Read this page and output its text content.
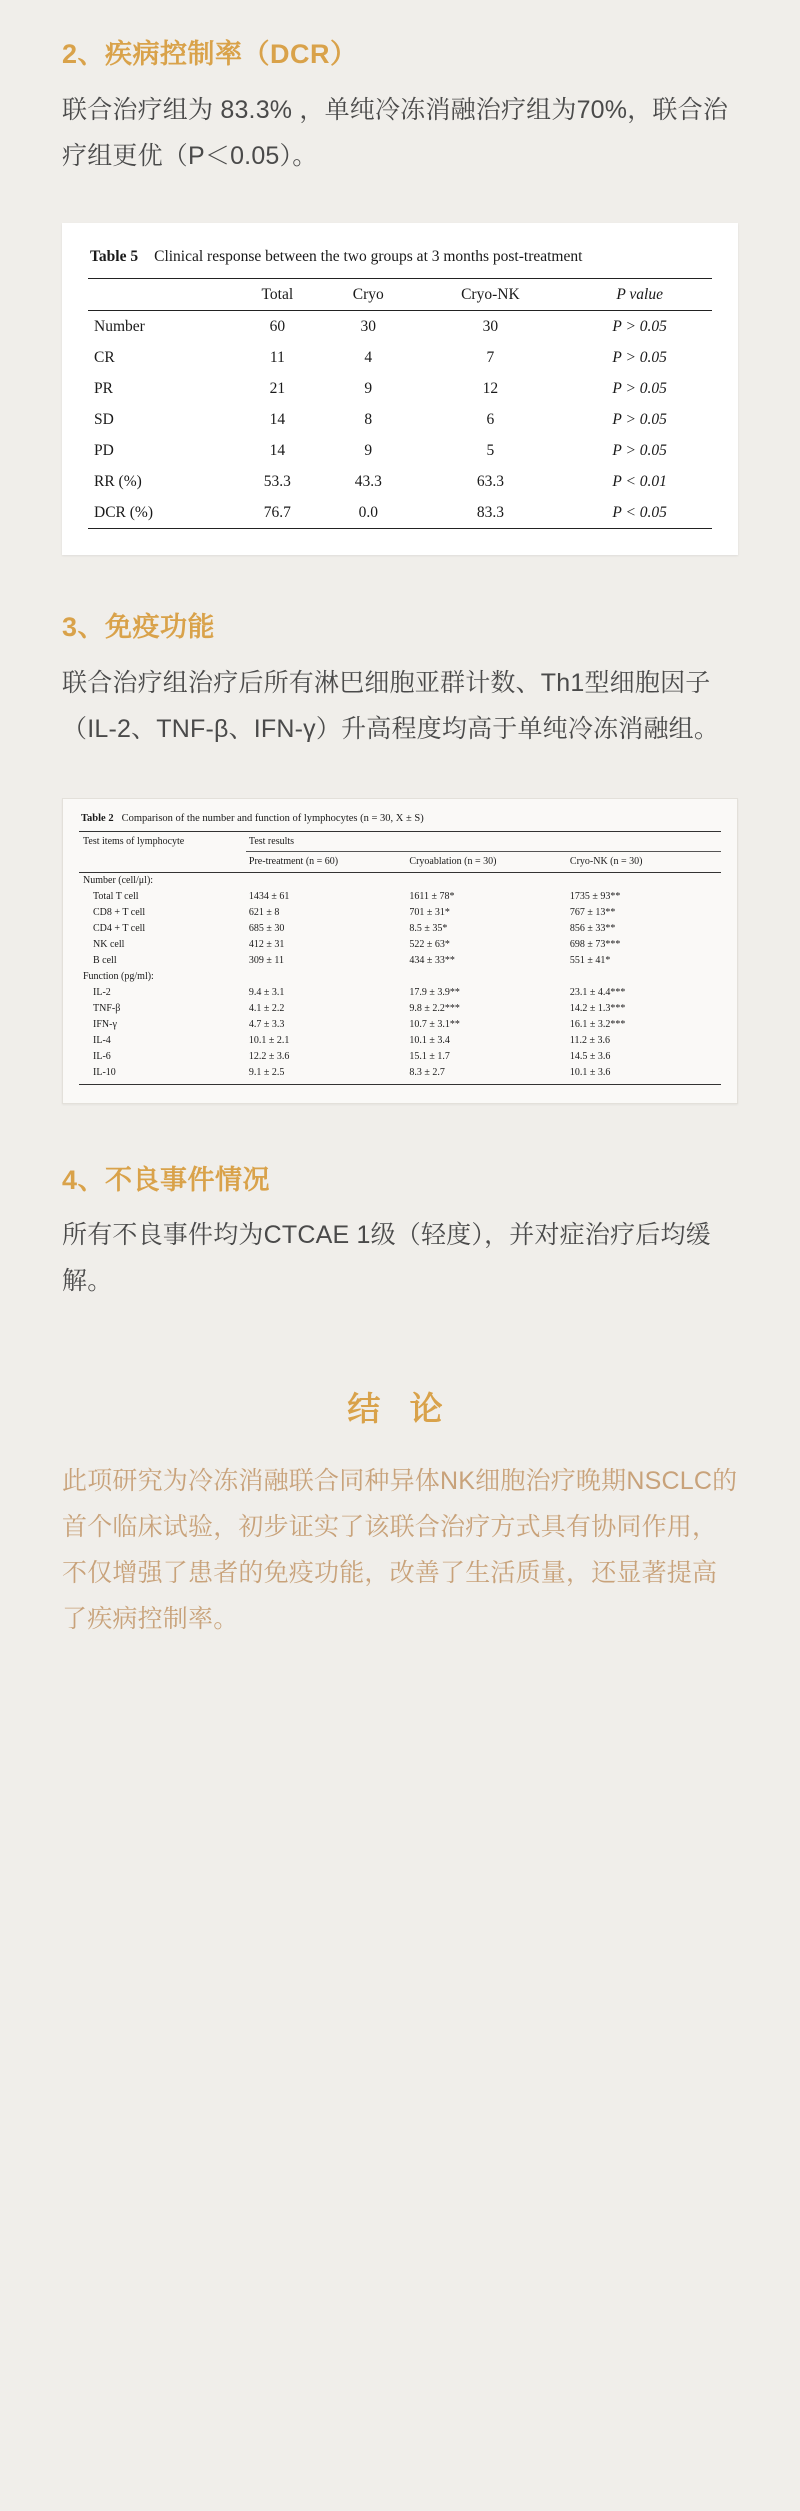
2、疾病控制率（DCR）

联合治疗组为 83.3% ，单纯冷冻消融治疗组为70%，联合治疗组更优（P＜0.05）。

Table 5 Clinical response between the two groups at 3 months post-treatment
	Total	Cryo	Cryo-NK	P value
Number	60	30	30	P > 0.05
CR	11	4	7	P > 0.05
PR	21	9	12	P > 0.05
SD	14	8	6	P > 0.05
PD	14	9	5	P > 0.05
RR (%)	53.3	43.3	63.3	P < 0.01
DCR (%)	76.7	0.0	83.3	P < 0.05
3、免疫功能

联合治疗组治疗后所有淋巴细胞亚群计数、Th1型细胞因子（IL-2、TNF-β、IFN-γ）升高程度均高于单纯冷冻消融组。

Table 2 Comparison of the number and function of lymphocytes (n = 30, X ± S)
Test items of lymphocyte	Test results		
	Pre-treatment (n = 60)	Cryoablation (n = 30)	Cryo-NK (n = 30)
Number (cell/μl):			
Total T cell	1434 ± 61	1611 ± 78*	1735 ± 93**
CD8 + T cell	621 ± 8	701 ± 31*	767 ± 13**
CD4 + T cell	685 ± 30	8.5 ± 35*	856 ± 33**
NK cell	412 ± 31	522 ± 63*	698 ± 73***
B cell	309 ± 11	434 ± 33**	551 ± 41*
Function (pg/ml):			
IL-2	9.4 ± 3.1	17.9 ± 3.9**	23.1 ± 4.4***
TNF-β	4.1 ± 2.2	9.8 ± 2.2***	14.2 ± 1.3***
IFN-γ	4.7 ± 3.3	10.7 ± 3.1**	16.1 ± 3.2***
IL-4	10.1 ± 2.1	10.1 ± 3.4	11.2 ± 3.6
IL-6	12.2 ± 3.6	15.1 ± 1.7	14.5 ± 3.6
IL-10	9.1 ± 2.5	8.3 ± 2.7	10.1 ± 3.6
4、不良事件情况

所有不良事件均为CTCAE 1级（轻度），并对症治疗后均缓解。

结 论

此项研究为冷冻消融联合同种异体NK细胞治疗晚期NSCLC的首个临床试验，初步证实了该联合治疗方式具有协同作用，不仅增强了患者的免疫功能，改善了生活质量，还显著提高了疾病控制率。
